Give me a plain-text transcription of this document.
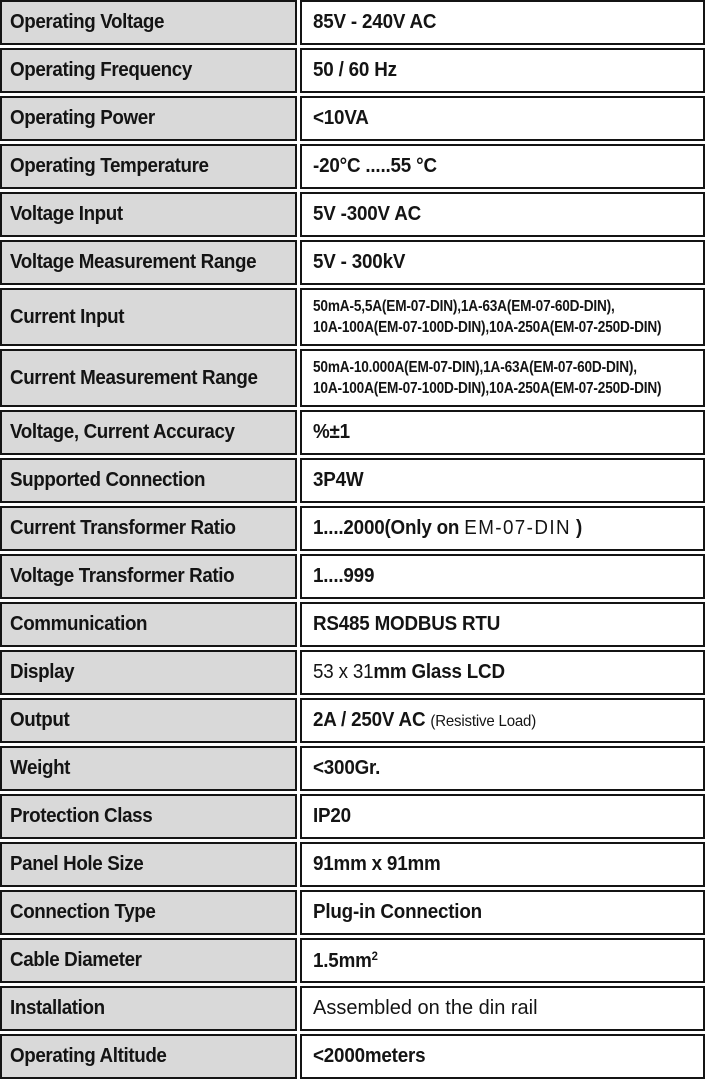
Operating Voltage	85V - 240V AC
Operating Frequency	50 / 60 Hz
Operating Power	<10VA
Operating Temperature	-20°C .....55 °C
Voltage Input	5V -300V AC
Voltage Measurement Range	5V - 300kV
Current Input	50mA-5,5A(EM-07-DIN),1A-63A(EM-07-60D-DIN),
10A-100A(EM-07-100D-DIN),10A-250A(EM-07-250D-DIN)
Current Measurement Range	50mA-10.000A(EM-07-DIN),1A-63A(EM-07-60D-DIN),
10A-100A(EM-07-100D-DIN),10A-250A(EM-07-250D-DIN)
Voltage, Current Accuracy	%±1
Supported Connection	3P4W
Current Transformer Ratio	1....2000(Only on EM-07-DIN )
Voltage Transformer Ratio	1....999
Communication	RS485 MODBUS RTU
Display	53 x 31mm Glass LCD
Output	2A / 250V AC (Resistive Load)
Weight	<300Gr.
Protection Class	IP20
Panel Hole Size	91mm x 91mm
Connection Type	Plug-in Connection
Cable Diameter	$1.5mm^2$
Installation	Assembled on the din rail
Operating Altitude	<2000meters
